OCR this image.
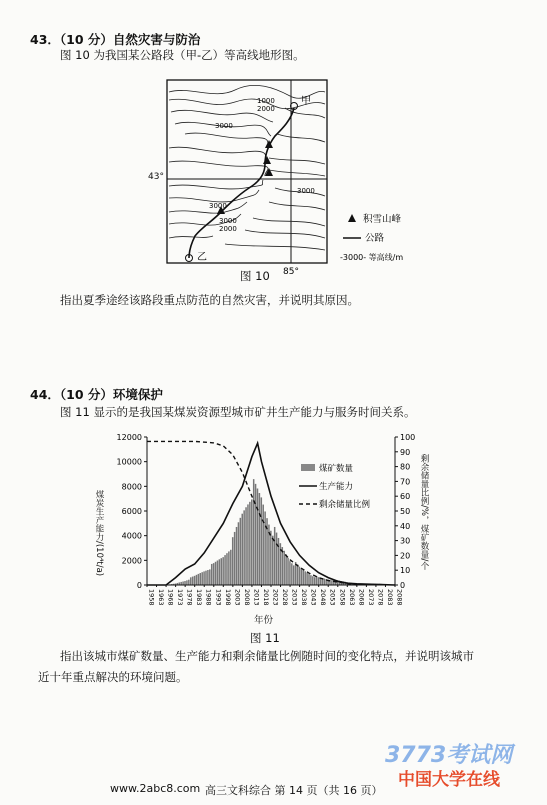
43．（10 分）自然灾害与防治
图 10 为我国某公路段（甲-乙）等高线地形图。
甲
乙
1000
2000
3000
3000
3000
3000
2000
85°
积雪山峰
公路
-3000- 等高线/m
43°
图 10
指出夏季途经该路段重点防范的自然灾害，并说明其原因。
44．（10 分）环境保护
图 11 显示的是我国某煤炭资源型城市矿井生产能力与服务时间关系。
0
2000
4000
6000
8000
10000
12000
0
10
20
30
40
50
60
70
80
90
100
1958 1963 1968 1973 1978 1983 1988 1993 1998 2003 2008 2013 2018 2023 2028 2033 2038 2043 2048 2053 2058 2063 2068 2073 2078 2083 2088
煤矿数量
生产能力
剩余储量比例
煤炭生产能力/(10⁴t/a)	剩余储量比例/%，煤矿数量/个
年份
图 11
指出该城市煤矿数量、生产能力和剩余储量比例随时间的变化特点，并说明该城市
近十年重点解决的环境问题。
3773考试网
中国大学在线
www.2abc8.com 高三文科综合 第 14 页（共 16 页）
